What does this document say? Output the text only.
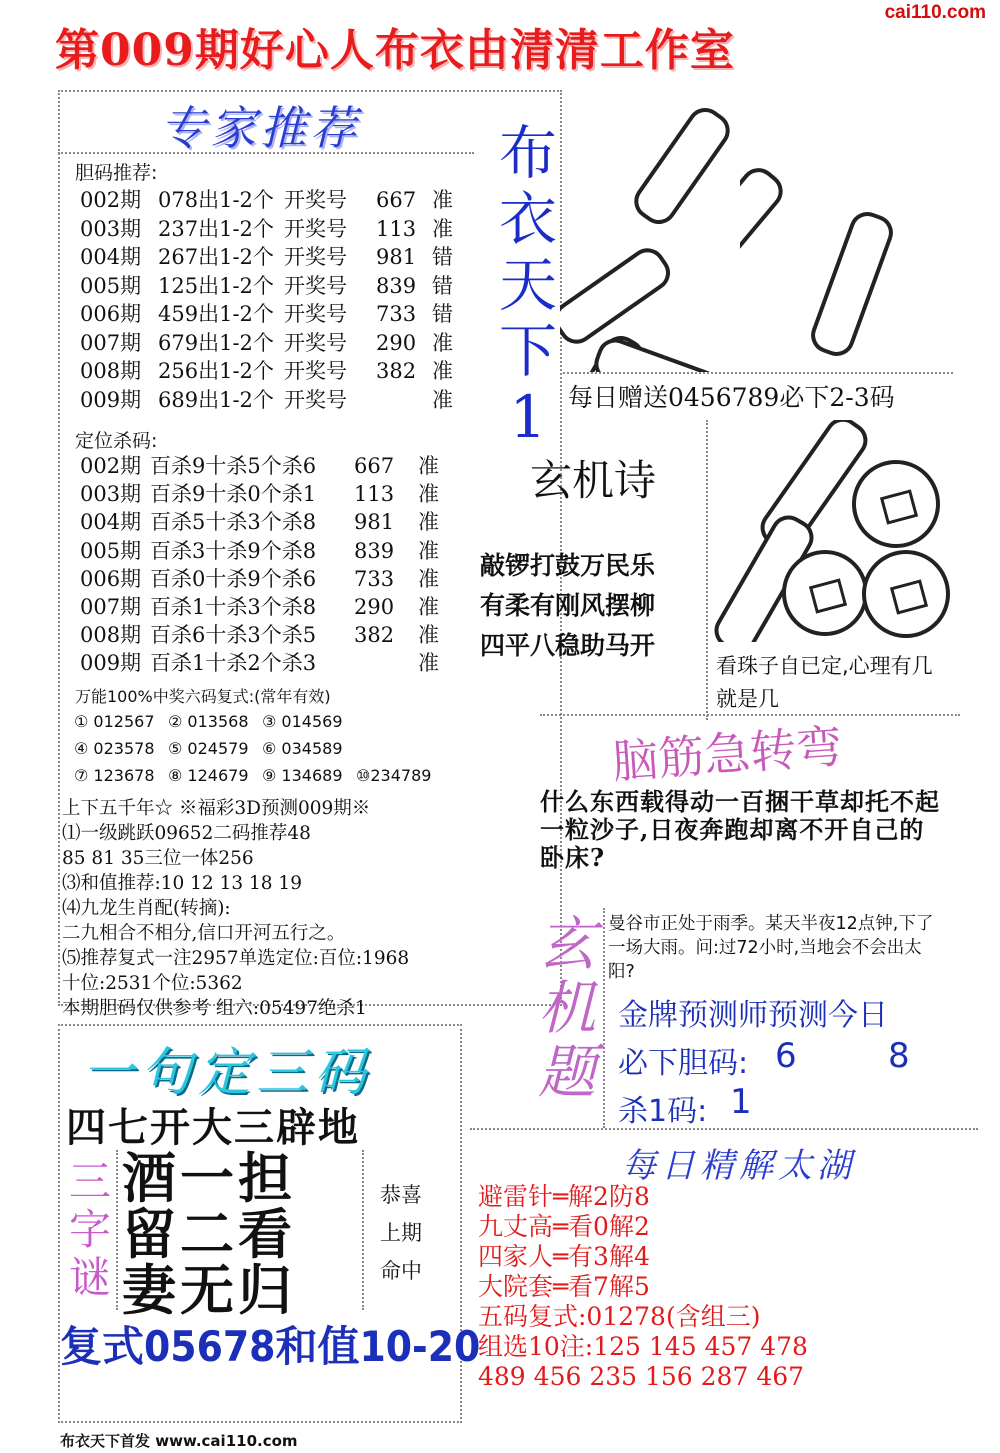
cai110.com
第009期好心人布衣由清清工作室
专家推荐
胆码推荐:
002期 078出1-2个 开奖号 667 准
003期 237出1-2个 开奖号 113 准
004期 267出1-2个 开奖号 981 错
005期 125出1-2个 开奖号 839 错
006期 459出1-2个 开奖号 733 错
007期 679出1-2个 开奖号 290 准
008期 256出1-2个 开奖号 382 准
009期 689出1-2个 开奖号	准
定位杀码:
002期 百杀9十杀5个杀6 667 准
003期 百杀9十杀0个杀1 113 准
004期 百杀5十杀3个杀8 981 准
005期 百杀3十杀9个杀8 839 准
006期 百杀0十杀9个杀6 733 准
007期 百杀1十杀3个杀8 290 准
008期 百杀6十杀3个杀5 382 准
009期 百杀1十杀2个杀3	准
万能100%中奖六码复式:(常年有效)
① 012567 ② 013568 ③ 014569
④ 023578 ⑤ 024579 ⑥ 034589
⑦ 123678 ⑧ 124679 ⑨ 134689 ⑩234789
上下五千年☆ ※福彩3D预测009期※
⑴一级跳跃09652二码推荐48
85 81 35三位一体256
⑶和值推荐:10 12 13 18 19
⑷九龙生肖配(转摘):
二九相合不相分,信口开河五行之。
⑸推荐复式一注2957单选定位:百位:1968
十位:2531个位:5362
本期胆码仅供参考 组六:05497绝杀1
布
衣
天
下
1 每日赠送0456789必下2-3码
玄机诗
敲锣打鼓万民乐
有柔有刚风摆柳
四平八稳助马开
看珠子自已定,心理有几就是几
脑筋急转弯
什么东西载得动一百捆干草却托不起一粒沙子,日夜奔跑却离不开自己的卧床?
玄
机
题
曼谷市正处于雨季。某天半夜12点钟,下了一场大雨。问:过72小时,当地会不会出太阳?
金牌预测师预测今日
必下胆码: 6	8
杀1码: 1
每日精解太湖
避雷针═解2防8
九丈高═看0解2
四家人═有3解4
大院套═看7解5
五码复式:01278(含组三)
组选10注:125 145 457 478
489 456 235 156 287 467
一句定三码
四七开大三辟地
三
字
谜
酒一担
留二看
妻无归
恭喜
上期
命中
复式05678和值10-20
布衣天下首发 www.cai110.com
